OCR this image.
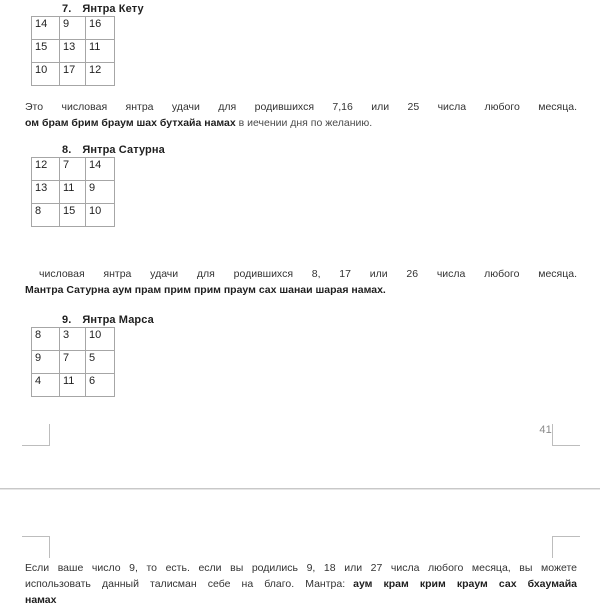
7. Янтра Кету
14	9	16
15	13	11
10	17	12
Это числовая янтра удачи для родившихся 7,16 или 25 числа любого месяца.
ом брам брим браум шах бутхайа намах в иечении дня по желанию.
8. Янтра Сатурна
12	7	14
13	11	9
8	15	10
числовая янтра удачи для родившихся 8, 17 или 26 числа любого месяца.
Мантра Сатурна аум прам прим прим праум сах шанаи шарая намах.
9. Янтра Марса
8	3	10
9	7	5
4	11	6
41
Если ваше число 9, то есть. если вы родились 9, 18 или 27 числа любого месяца, вы можете
использовать данный талисман себе на благо. Мантра: аум крам крим краум сах бхаумайа
намах
